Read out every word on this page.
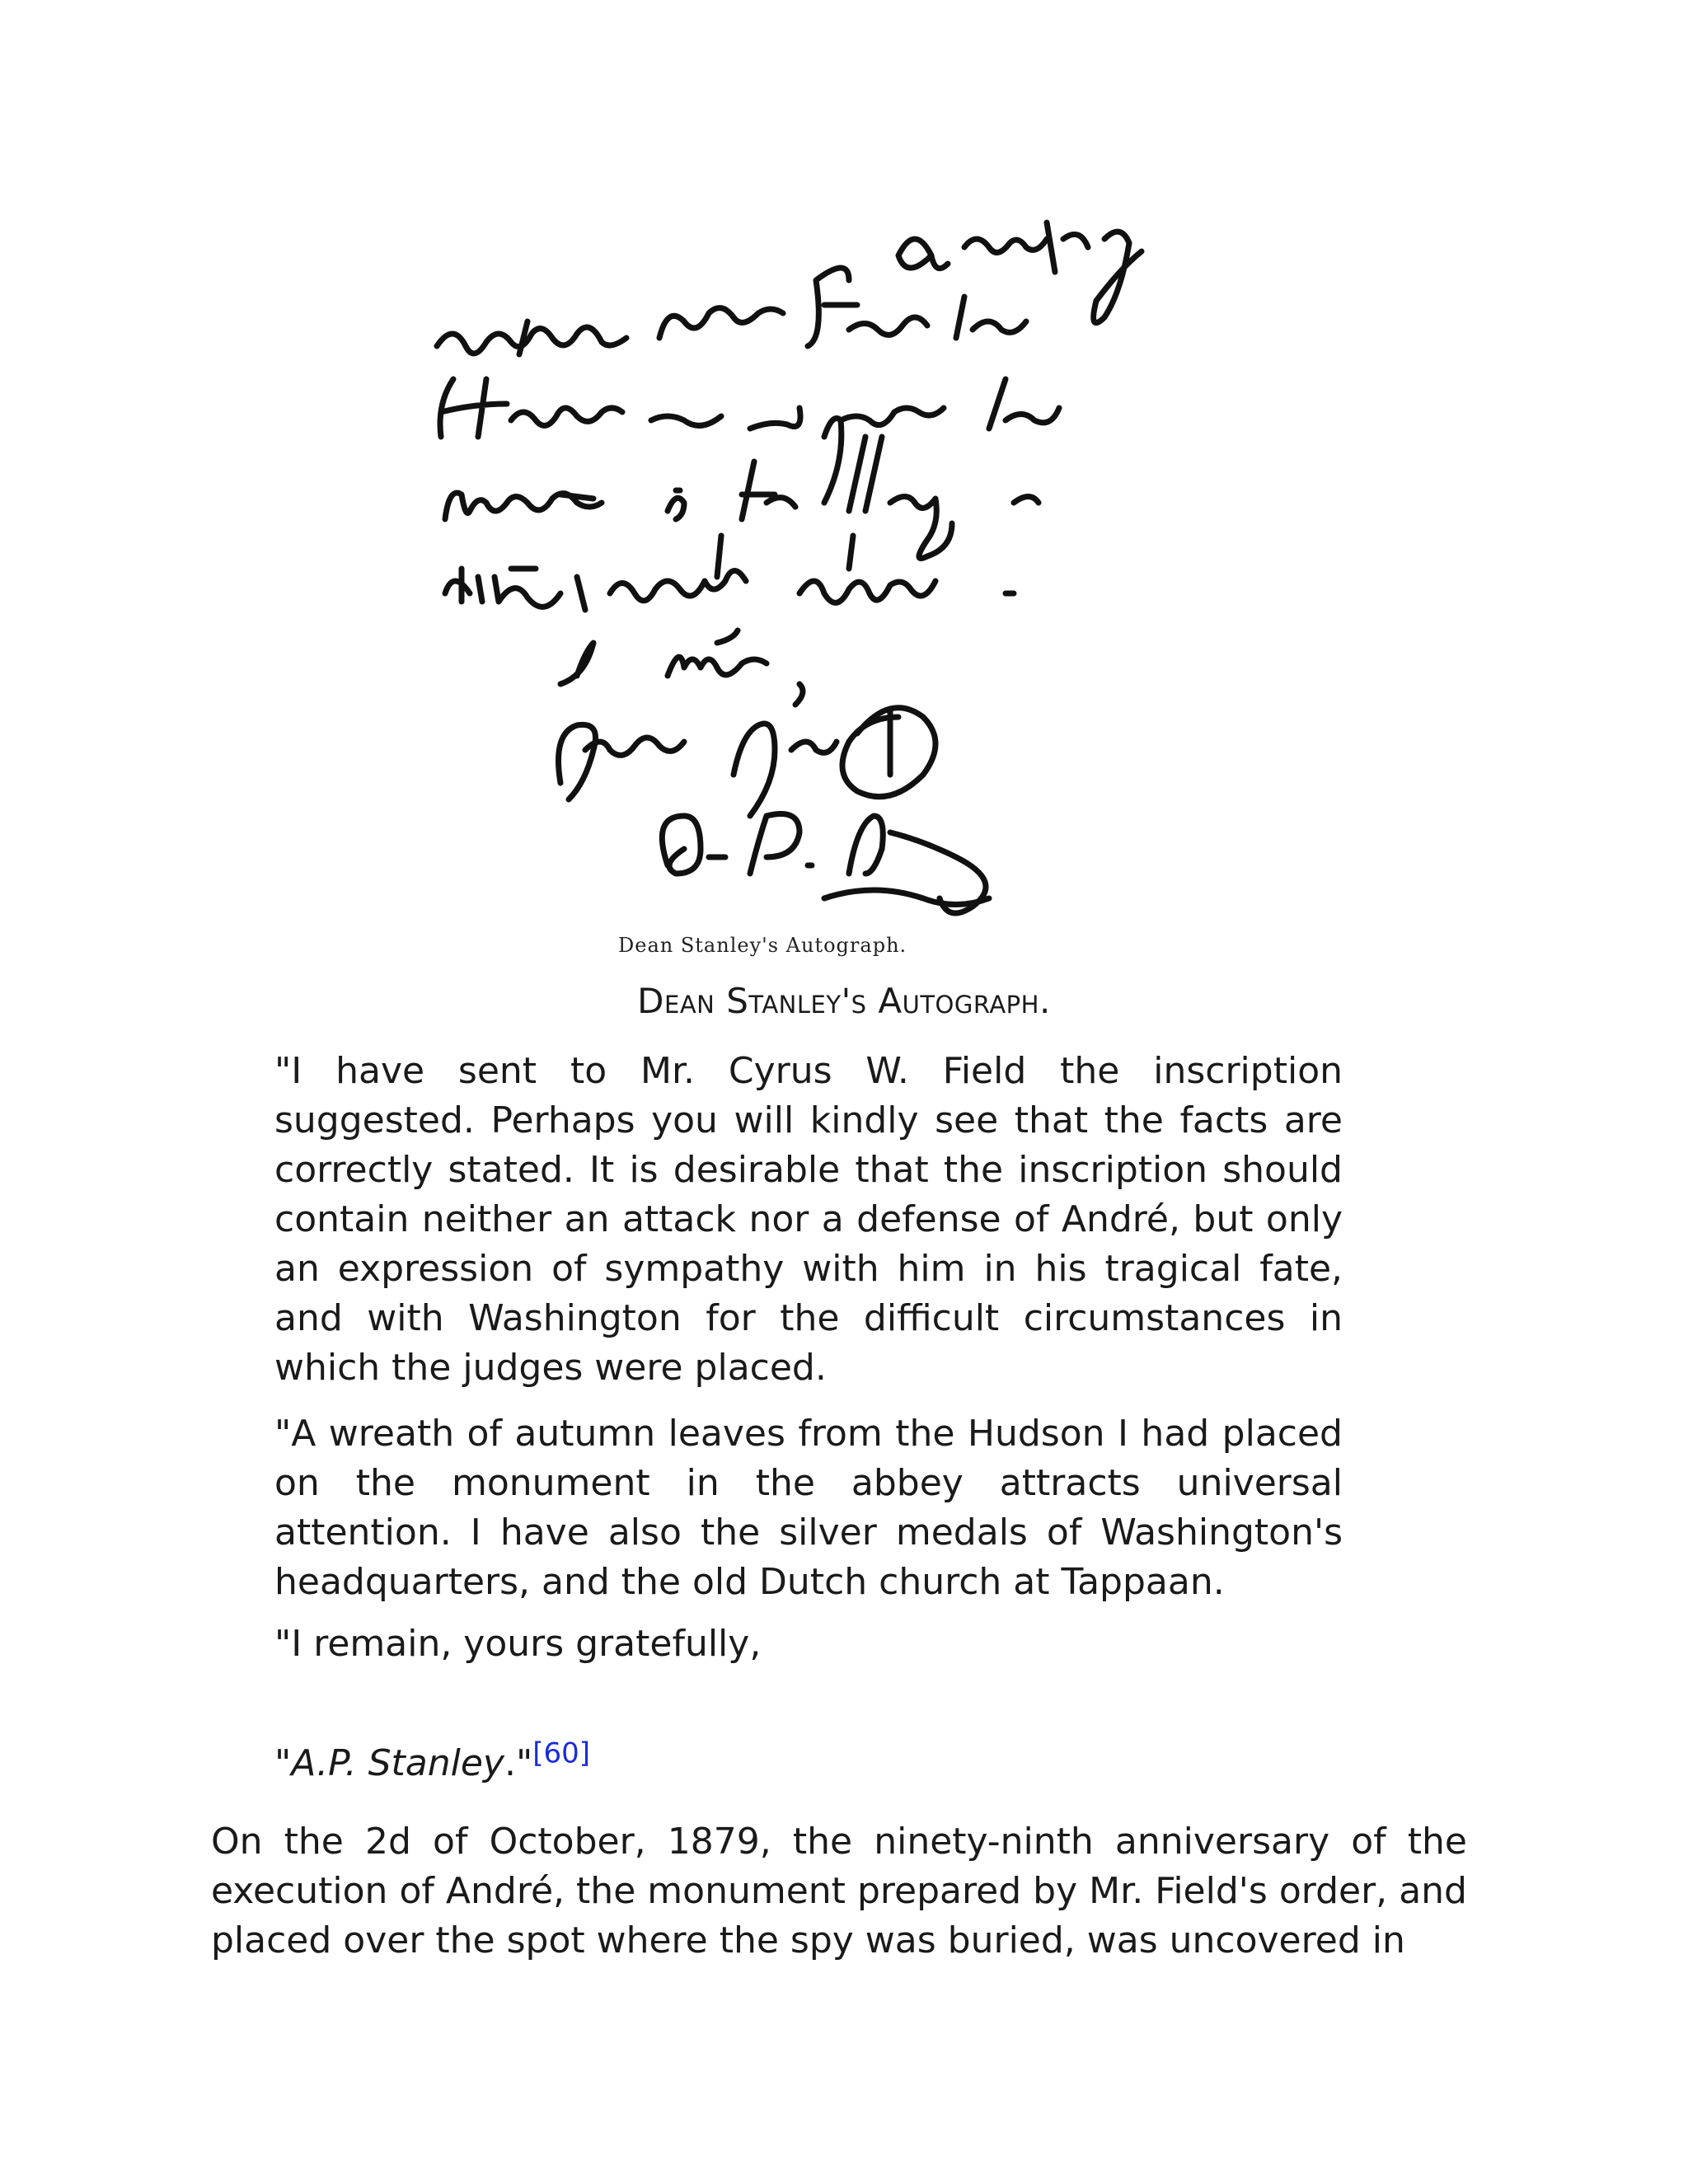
Dean Stanley's Autograph.
Dean Stanley's Autograph.

"I have sent to Mr. Cyrus W. Field the inscription suggested. Perhaps you will kindly see that the facts are correctly stated. It is desirable that the inscription should contain neither an attack nor a defense of André, but only an expression of sympathy with him in his tragical fate, and with Washington for the difficult circumstances in which the judges were placed.

"A wreath of autumn leaves from the Hudson I had placed on the monument in the abbey attracts universal attention. I have also the silver medals of Washington's headquarters, and the old Dutch church at Tappaan.

"I remain, yours gratefully,

"A.P. Stanley."[60]

On the 2d of October, 1879, the ninety-ninth anniversary of the execution of André, the monument prepared by Mr. Field's order, and placed over the spot where the spy was buried, was uncovered in
